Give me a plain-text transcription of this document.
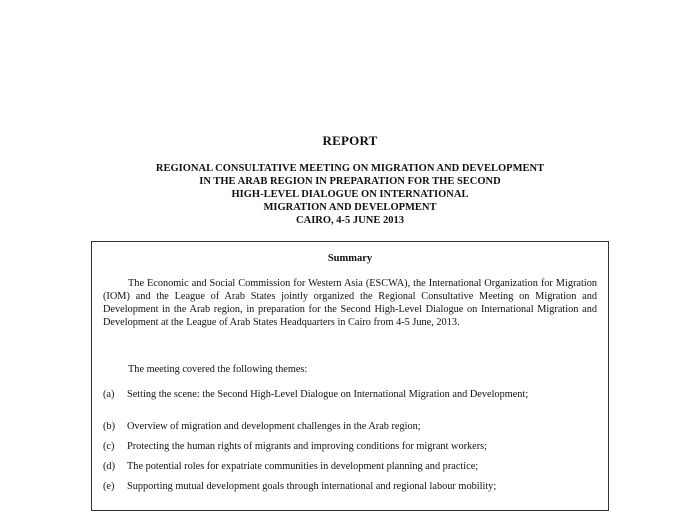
REPORT
REGIONAL CONSULTATIVE MEETING ON MIGRATION AND DEVELOPMENT
IN THE ARAB REGION IN PREPARATION FOR THE SECOND
HIGH-LEVEL DIALOGUE ON INTERNATIONAL
MIGRATION AND DEVELOPMENT
CAIRO, 4-5 JUNE 2013
Summary
The Economic and Social Commission for Western Asia (ESCWA), the International Organization for Migration (IOM) and the League of Arab States jointly organized the Regional Consultative Meeting on Migration and Development in the Arab region, in preparation for the Second High-Level Dialogue on International Migration and Development at the League of Arab States Headquarters in Cairo from 4-5 June, 2013.
The meeting covered the following themes:
(a) Setting the scene: the Second High-Level Dialogue on International Migration and Development;
(b) Overview of migration and development challenges in the Arab region;
(c) Protecting the human rights of migrants and improving conditions for migrant workers;
(d) The potential roles for expatriate communities in development planning and practice;
(e) Supporting mutual development goals through international and regional labour mobility;
